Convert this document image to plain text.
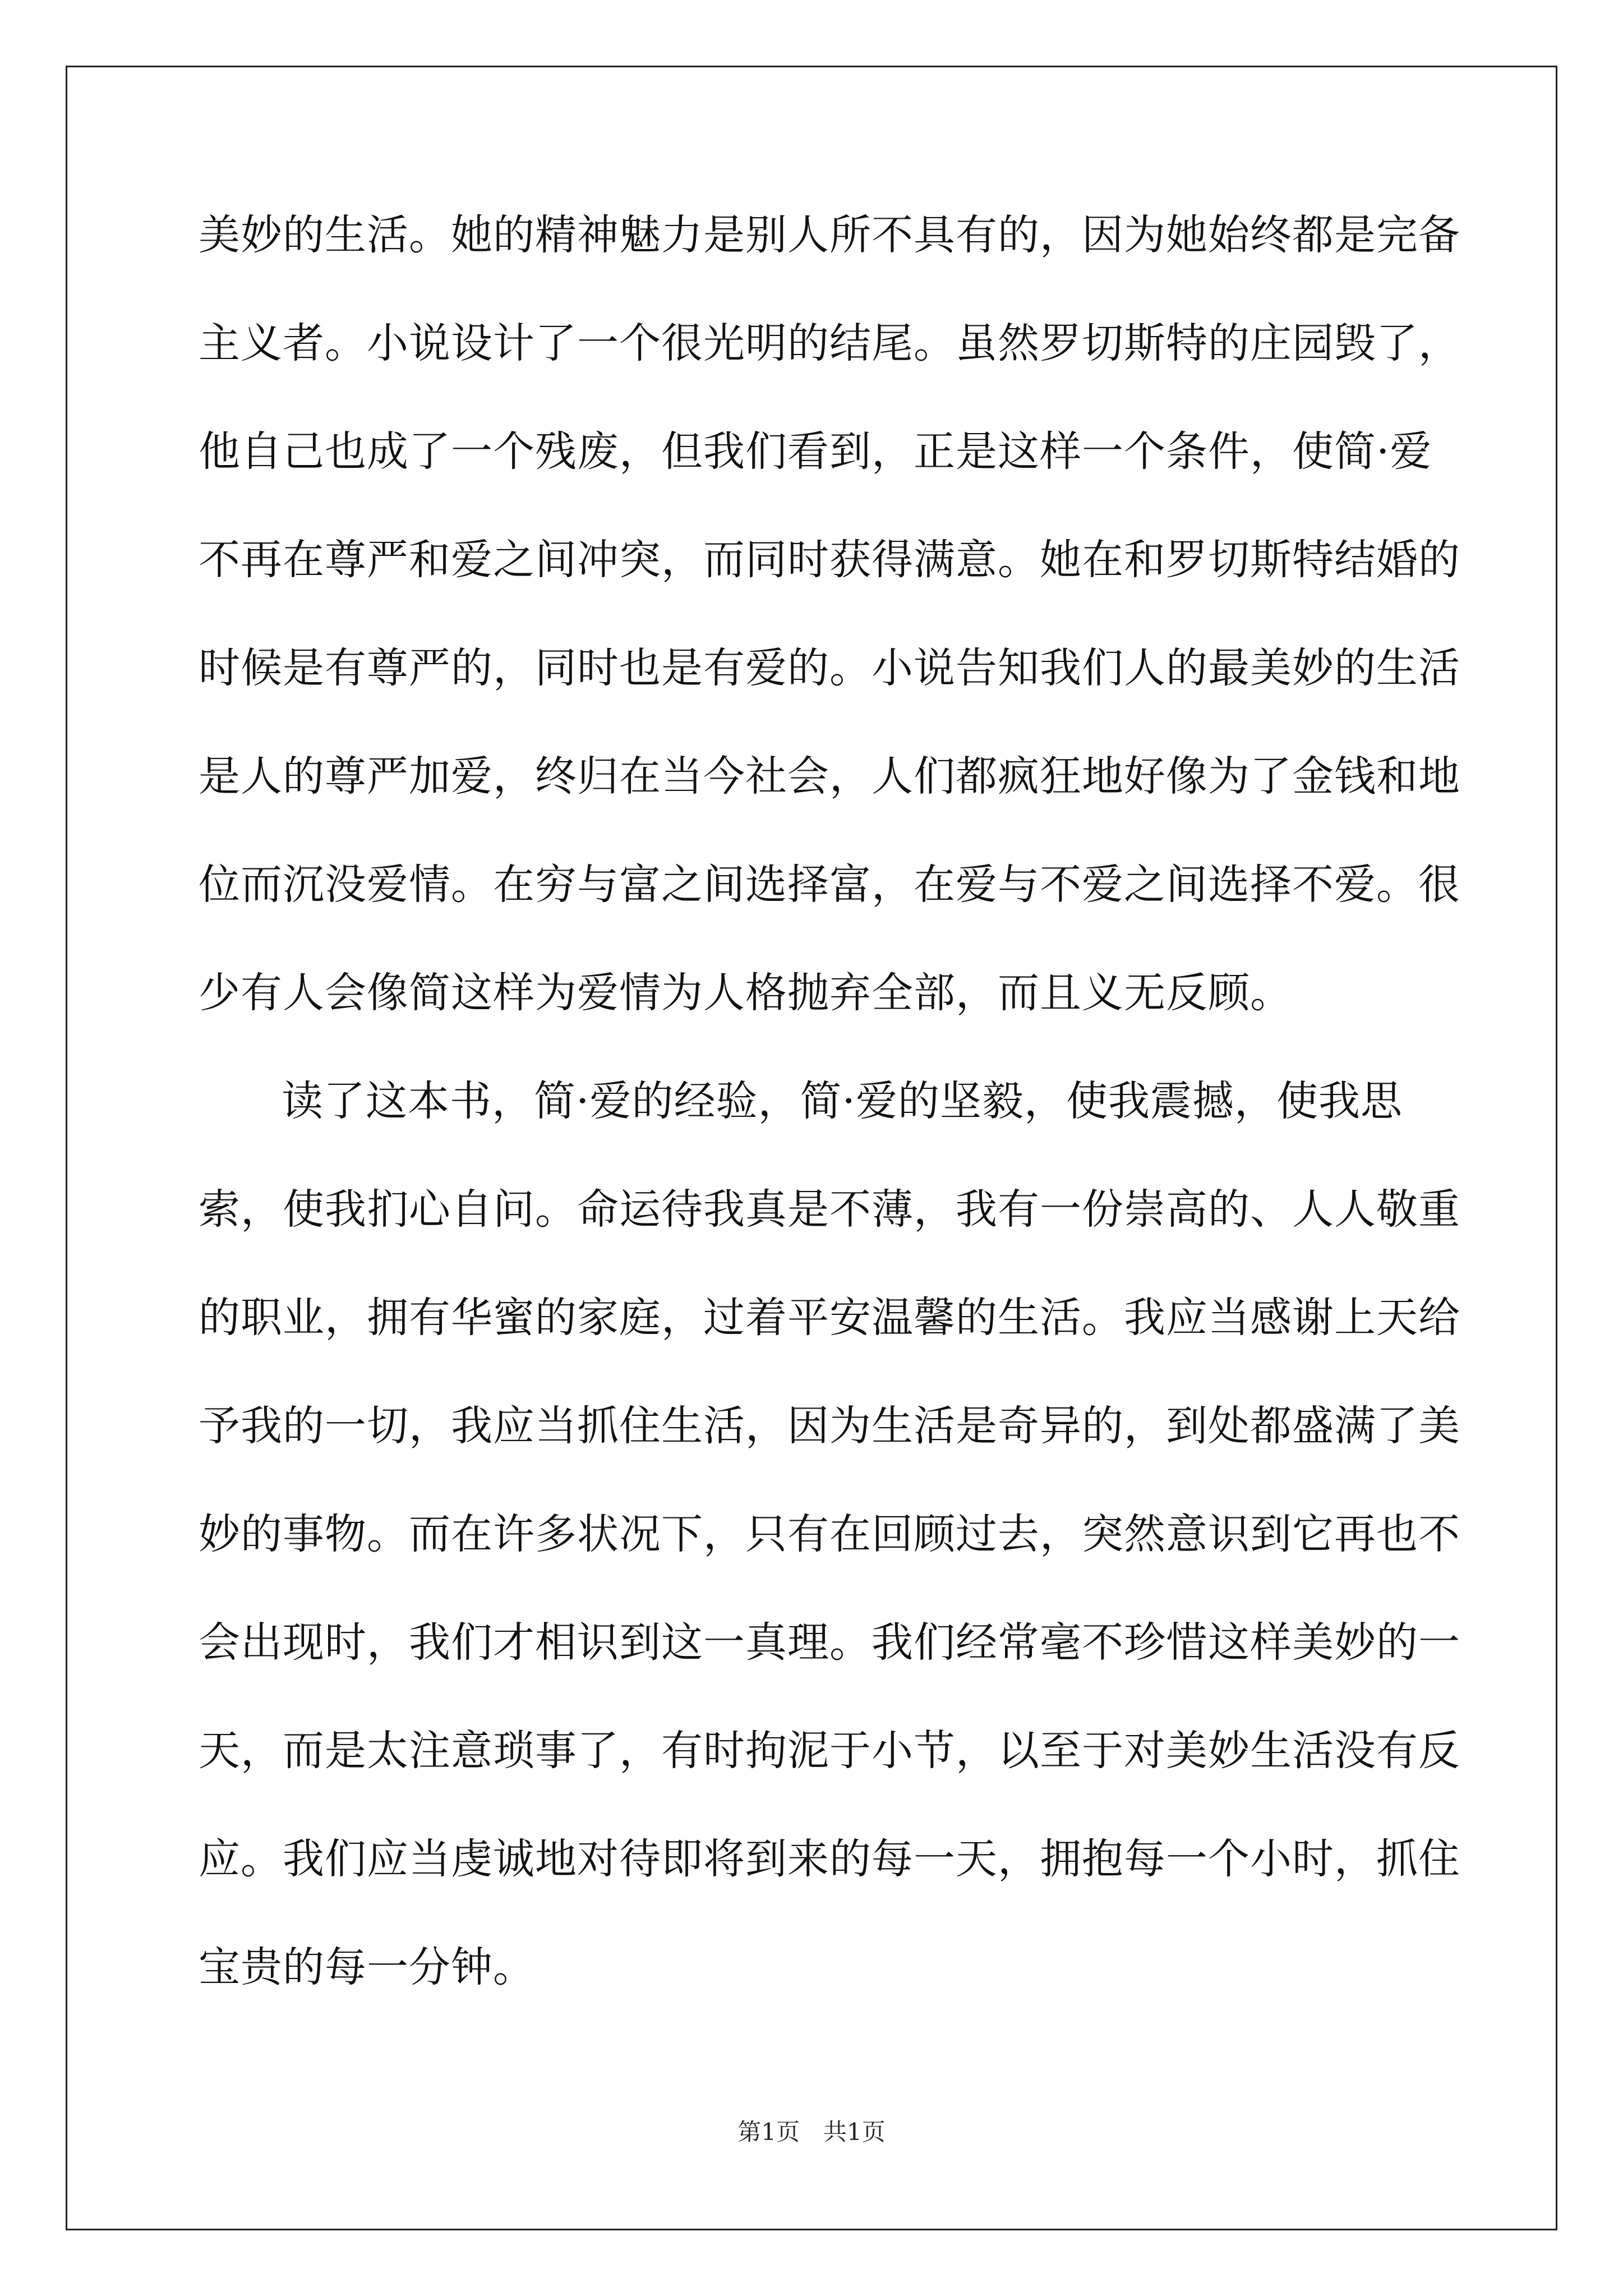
美妙的生活。她的精神魅力是别人所不具有的，因为她始终都是完备

主义者。小说设计了一个很光明的结尾。虽然罗切斯特的庄园毁了，

他自己也成了一个残废，但我们看到，正是这样一个条件，使简·爱

不再在尊严和爱之间冲突，而同时获得满意。她在和罗切斯特结婚的

时候是有尊严的，同时也是有爱的。小说告知我们人的最美妙的生活

是人的尊严加爱，终归在当今社会，人们都疯狂地好像为了金钱和地

位而沉没爱情。在穷与富之间选择富，在爱与不爱之间选择不爱。很

少有人会像简这样为爱情为人格抛弃全部，而且义无反顾。

读了这本书，简·爱的经验，简·爱的坚毅，使我震撼，使我思

索，使我扪心自问。命运待我真是不薄，我有一份崇高的、人人敬重

的职业，拥有华蜜的家庭，过着平安温馨的生活。我应当感谢上天给

予我的一切，我应当抓住生活，因为生活是奇异的，到处都盛满了美

妙的事物。而在许多状况下，只有在回顾过去，突然意识到它再也不

会出现时，我们才相识到这一真理。我们经常毫不珍惜这样美妙的一

天，而是太注意琐事了，有时拘泥于小节，以至于对美妙生活没有反

应。我们应当虔诚地对待即将到来的每一天，拥抱每一个小时，抓住

宝贵的每一分钟。

第1页 共1页
